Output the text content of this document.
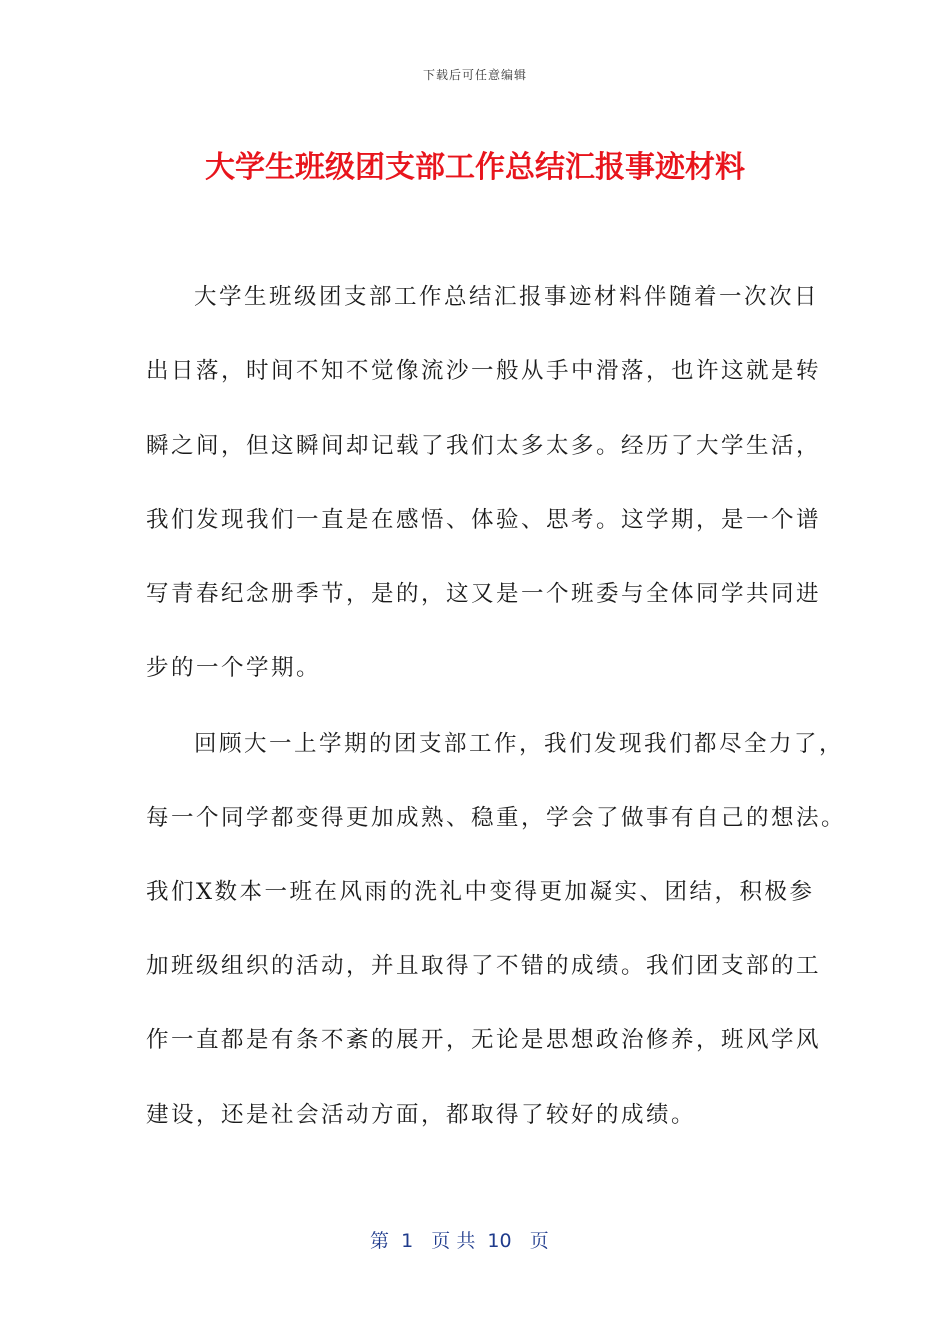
下载后可任意编辑
大学生班级团支部工作总结汇报事迹材料
大学生班级团支部工作总结汇报事迹材料伴随着一次次日
出日落，时间不知不觉像流沙一般从手中滑落，也许这就是转
瞬之间，但这瞬间却记载了我们太多太多。经历了大学生活，
我们发现我们一直是在感悟、体验、思考。这学期，是一个谱
写青春纪念册季节，是的，这又是一个班委与全体同学共同进
步的一个学期。
回顾大一上学期的团支部工作，我们发现我们都尽全力了，
每一个同学都变得更加成熟、稳重，学会了做事有自己的想法。
我们X数本一班在风雨的洗礼中变得更加凝实、团结，积极参
加班级组织的活动，并且取得了不错的成绩。我们团支部的工
作一直都是有条不紊的展开，无论是思想政治修养，班风学风
建设，还是社会活动方面，都取得了较好的成绩。
第  1   页 共  10   页
